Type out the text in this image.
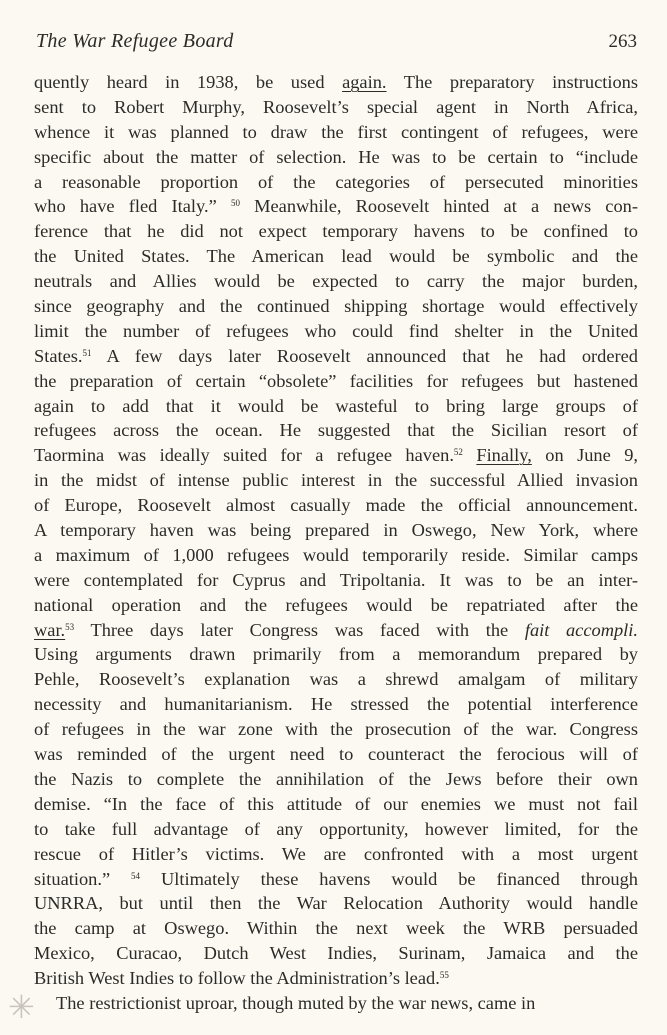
The War Refugee Board	263
quently heard in 1938, be used again. The preparatory instructions
sent to Robert Murphy, Roosevelt’s special agent in North Africa,
whence it was planned to draw the first contingent of refugees, were
specific about the matter of selection. He was to be certain to “include
a reasonable proportion of the categories of persecuted minorities
who have fled Italy.” $^{50}$ Meanwhile, Roosevelt hinted at a news con-
ference that he did not expect temporary havens to be confined to
the United States. The American lead would be symbolic and the
neutrals and Allies would be expected to carry the major burden,
since geography and the continued shipping shortage would effectively
limit the number of refugees who could find shelter in the United
States.$^{51}$ A few days later Roosevelt announced that he had ordered
the preparation of certain “obsolete” facilities for refugees but hastened
again to add that it would be wasteful to bring large groups of
refugees across the ocean. He suggested that the Sicilian resort of
Taormina was ideally suited for a refugee haven.$^{52}$ Finally, on June 9,
in the midst of intense public interest in the successful Allied invasion
of Europe, Roosevelt almost casually made the official announcement.
A temporary haven was being prepared in Oswego, New York, where
a maximum of 1,000 refugees would temporarily reside. Similar camps
were contemplated for Cyprus and Tripoltania. It was to be an inter-
national operation and the refugees would be repatriated after the
war.$^{53}$ Three days later Congress was faced with the fait accompli.
Using arguments drawn primarily from a memorandum prepared by
Pehle, Roosevelt’s explanation was a shrewd amalgam of military
necessity and humanitarianism. He stressed the potential interference
of refugees in the war zone with the prosecution of the war. Congress
was reminded of the urgent need to counteract the ferocious will of
the Nazis to complete the annihilation of the Jews before their own
demise. “In the face of this attitude of our enemies we must not fail
to take full advantage of any opportunity, however limited, for the
rescue of Hitler’s victims. We are confronted with a most urgent
situation.” $^{54}$ Ultimately these havens would be financed through
UNRRA, but until then the War Relocation Authority would handle
the camp at Oswego. Within the next week the WRB persuaded
Mexico, Curacao, Dutch West Indies, Surinam, Jamaica and the
British West Indies to follow the Administration’s lead.$^{55}$
The restrictionist uproar, though muted by the war news, came in
✳
